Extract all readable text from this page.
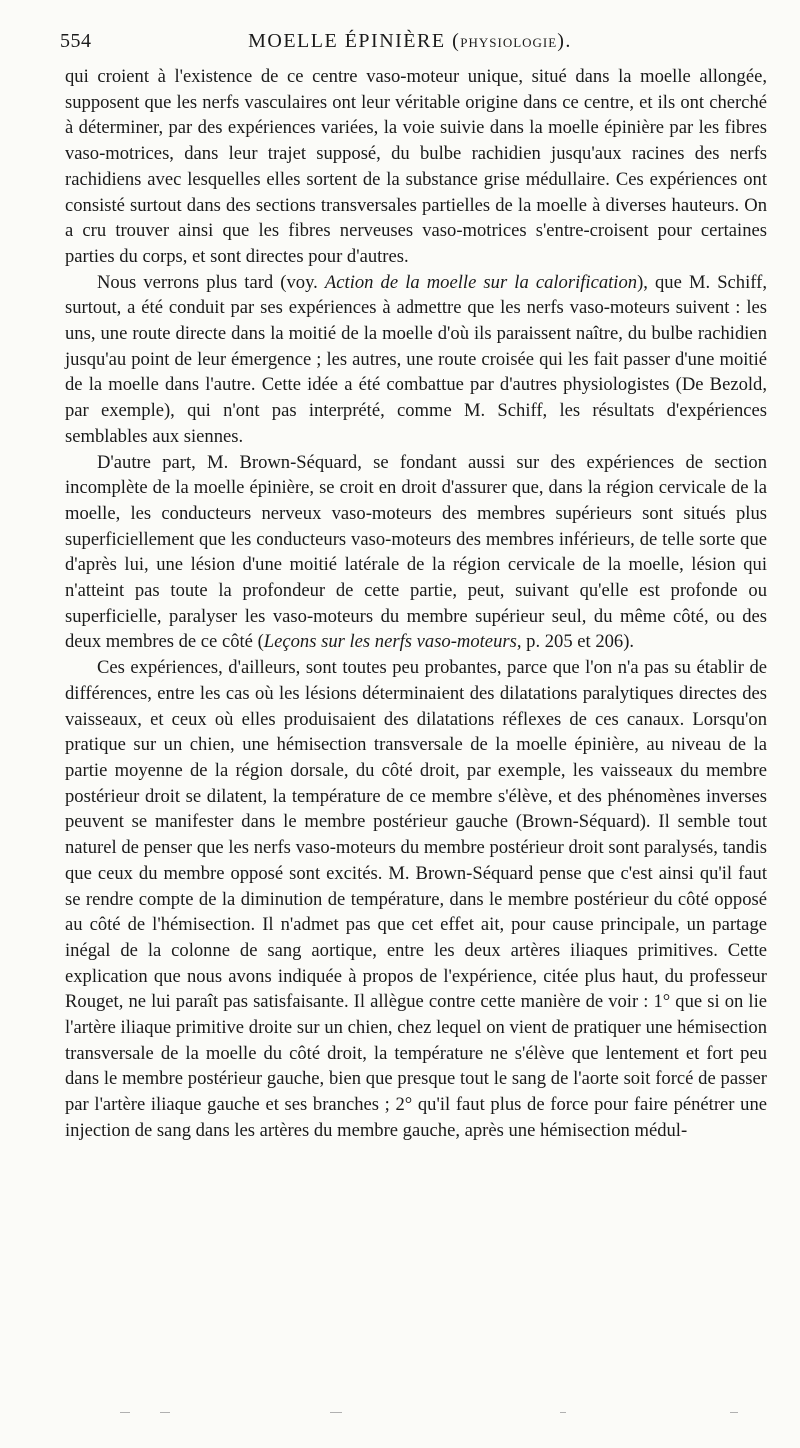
554	MOELLE ÉPINIÈRE (PHYSIOLOGIE).

qui croient à l'existence de ce centre vaso-moteur unique, situé dans la moelle allongée, supposent que les nerfs vasculaires ont leur véritable origine dans ce centre, et ils ont cherché à déterminer, par des expériences variées, la voie suivie dans la moelle épinière par les fibres vaso-motrices, dans leur trajet supposé, du bulbe rachidien jusqu'aux racines des nerfs rachidiens avec lesquelles elles sortent de la substance grise médullaire. Ces expériences ont consisté surtout dans des sections transversales partielles de la moelle à diverses hauteurs. On a cru trouver ainsi que les fibres nerveuses vaso-motrices s'entre-croisent pour certaines parties du corps, et sont directes pour d'autres.

Nous verrons plus tard (voy. Action de la moelle sur la calorification), que M. Schiff, surtout, a été conduit par ses expériences à admettre que les nerfs vaso-moteurs suivent : les uns, une route directe dans la moitié de la moelle d'où ils paraissent naître, du bulbe rachidien jusqu'au point de leur émergence ; les autres, une route croisée qui les fait passer d'une moitié de la moelle dans l'autre. Cette idée a été combattue par d'autres physiologistes (De Bezold, par exemple), qui n'ont pas interprété, comme M. Schiff, les résultats d'expériences semblables aux siennes.

D'autre part, M. Brown-Séquard, se fondant aussi sur des expériences de section incomplète de la moelle épinière, se croit en droit d'assurer que, dans la région cervicale de la moelle, les conducteurs nerveux vaso-moteurs des membres supérieurs sont situés plus superficiellement que les conducteurs vaso-moteurs des membres inférieurs, de telle sorte que d'après lui, une lésion d'une moitié latérale de la région cervicale de la moelle, lésion qui n'atteint pas toute la profondeur de cette partie, peut, suivant qu'elle est profonde ou superficielle, paralyser les vaso-moteurs du membre supérieur seul, du même côté, ou des deux membres de ce côté (Leçons sur les nerfs vaso-moteurs, p. 205 et 206).

Ces expériences, d'ailleurs, sont toutes peu probantes, parce que l'on n'a pas su établir de différences, entre les cas où les lésions déterminaient des dilatations paralytiques directes des vaisseaux, et ceux où elles produisaient des dilatations réflexes de ces canaux. Lorsqu'on pratique sur un chien, une hémisection transversale de la moelle épinière, au niveau de la partie moyenne de la région dorsale, du côté droit, par exemple, les vaisseaux du membre postérieur droit se dilatent, la température de ce membre s'élève, et des phénomènes inverses peuvent se manifester dans le membre postérieur gauche (Brown-Séquard). Il semble tout naturel de penser que les nerfs vaso-moteurs du membre postérieur droit sont paralysés, tandis que ceux du membre opposé sont excités. M. Brown-Séquard pense que c'est ainsi qu'il faut se rendre compte de la diminution de température, dans le membre postérieur du côté opposé au côté de l'hémisection. Il n'admet pas que cet effet ait, pour cause principale, un partage inégal de la colonne de sang aortique, entre les deux artères iliaques primitives. Cette explication que nous avons indiquée à propos de l'expérience, citée plus haut, du professeur Rouget, ne lui paraît pas satisfaisante. Il allègue contre cette manière de voir : 1° que si on lie l'artère iliaque primitive droite sur un chien, chez lequel on vient de pratiquer une hémisection transversale de la moelle du côté droit, la température ne s'élève que lentement et fort peu dans le membre postérieur gauche, bien que presque tout le sang de l'aorte soit forcé de passer par l'artère iliaque gauche et ses branches ; 2° qu'il faut plus de force pour faire pénétrer une injection de sang dans les artères du membre gauche, après une hémisection médul-
